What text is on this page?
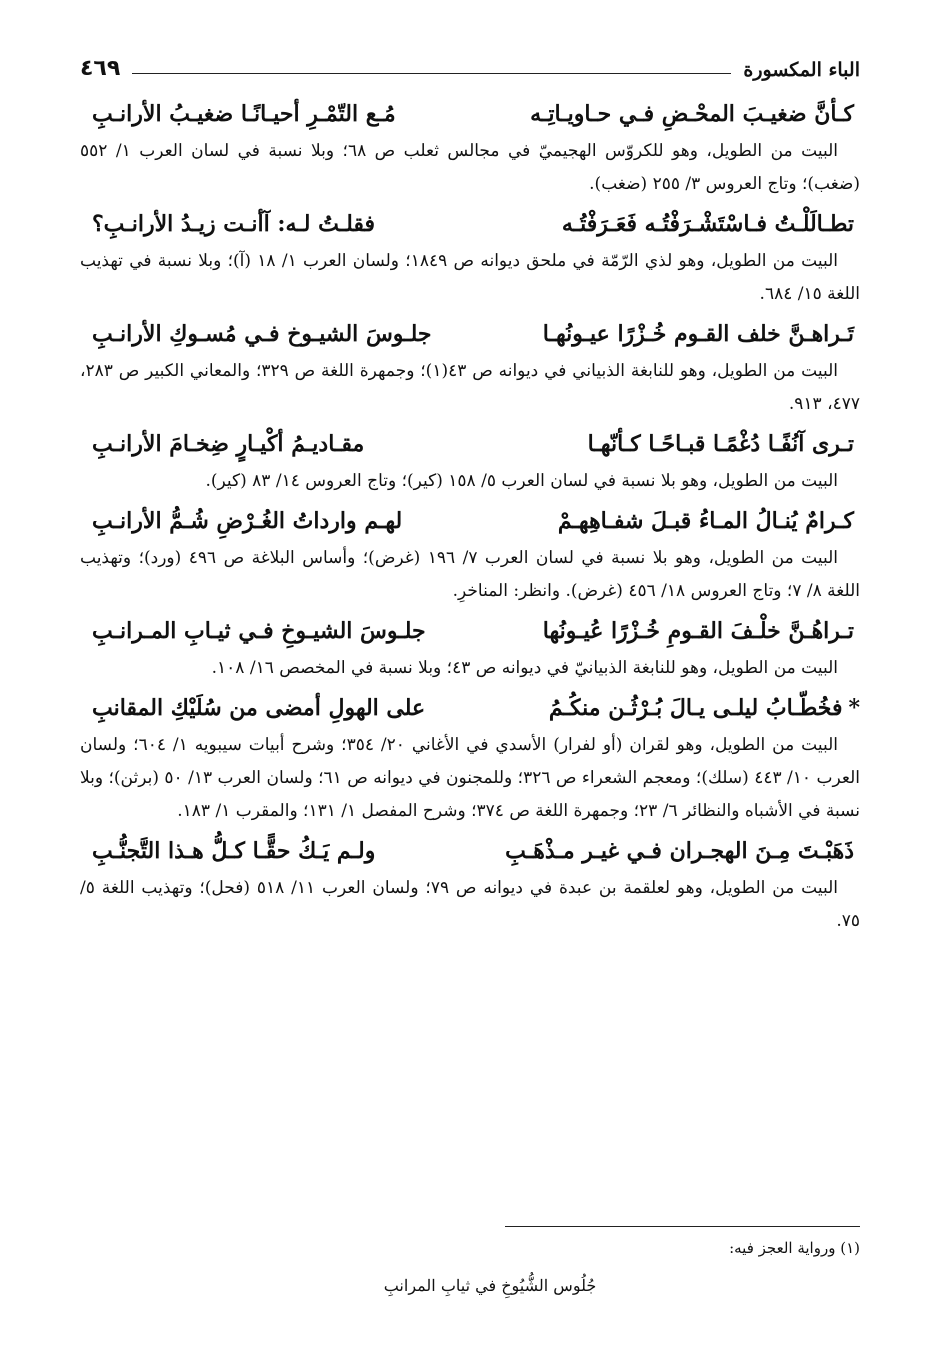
الباء المكسورة
٤٦٩
كـأنَّ ضغيـبَ المحْـضِ فـي حـاويـاتِـه
مُـع التّمْـرِ أحيـانًـا ضغيـبُ الأرانـبِ

البيت من الطويل، وهو للكروّس الهجيميّ في مجالس ثعلب ص ٦٨؛ وبلا نسبة في لسان العرب ١/ ٥٥٢ (ضغب)؛ وتاج العروس ٣/ ٢٥٥ (ضغب).

تطـالَلْـتُ فـاسْتَشْـرَفْتُـه فَعَـرَفْتُـه
فقلـتُ لـه: آأنـت زيـدُ الأرانـبِ؟

البيت من الطويل، وهو لذي الرّمّة في ملحق ديوانه ص ١٨٤٩؛ ولسان العرب ١/ ١٨ (آ)؛ وبلا نسبة في تهذيب اللغة ١٥/ ٦٨٤.

تَـراهـنَّ خلف القـوم خُـزْرًا عيـونُهـا
جلـوسَ الشيـوخ فـي مُسـوكِ الأرانـبِ

البيت من الطويل، وهو للنابغة الذبياني في ديوانه ص ٤٣(١)؛ وجمهرة اللغة ص ٣٢٩؛ والمعاني الكبير ص ٢٨٣، ٤٧٧، ٩١٣.

تـرى آنُفًـا دُغْمًـا قبـاحًـا كـأنّهـا
مقـاديـمُ أكْيـارٍ ضِخـامَ الأرانـبِ

البيت من الطويل، وهو بلا نسبة في لسان العرب ٥/ ١٥٨ (كير)؛ وتاج العروس ١٤/ ٨٣ (كير).

كـرامٌ يُنـالُ المـاءُ قبـلَ شفـاهِهـمْ
لهـم وارداتُ الغُـرْضِ شُـمُّ الأرانـبِ

البيت من الطويل، وهو بلا نسبة في لسان العرب ٧/ ١٩٦ (غرض)؛ وأساس البلاغة ص ٤٩٦ (ورد)؛ وتهذيب اللغة ٨/ ٧؛ وتاج العروس ١٨/ ٤٥٦ (غرض). وانظر: المناخرِ.

تـراهُـنَّ خلْـفَ القـومِ خُـزْرًا عُيـونُها
جلـوسَ الشيـوخِ فـي ثيـابِ المـرانـبِ

البيت من الطويل، وهو للنابغة الذبيانيّ في ديوانه ص ٤٣؛ وبلا نسبة في المخصص ١٦/ ١٠٨.

*فخُطّـابُ ليلـى يـالَ بُـرْثُـن منكُـمُ
على الهولِ أمضى من سُلَيْكِ المقانبِ

البيت من الطويل، وهو لقران (أو لفرار) الأسدي في الأغاني ٢٠/ ٣٥٤؛ وشرح أبيات سيبويه ١/ ٦٠٤؛ ولسان العرب ١٠/ ٤٤٣ (سلك)؛ ومعجم الشعراء ص ٣٢٦؛ وللمجنون في ديوانه ص ٦١؛ ولسان العرب ١٣/ ٥٠ (برثن)؛ وبلا نسبة في الأشباه والنظائر ٦/ ٢٣؛ وجمهرة اللغة ص ٣٧٤؛ وشرح المفصل ١/ ١٣١؛ والمقرب ١/ ١٨٣.

ذَهَبْـتَ مِـنَ الهجـران فـي غيـر مـذْهَـبِ
ولـم يَـكُ حقًّـا كـلُّ هـذا التَّجنُّـبِ

البيت من الطويل، وهو لعلقمة بن عبدة في ديوانه ص ٧٩؛ ولسان العرب ١١/ ٥١٨ (فحل)؛ وتهذيب اللغة ٥/ ٧٥.

(١) ورواية العجز فيه:
جُلُوس الشُّيُوخِ في ثيابِ المرانبِ
